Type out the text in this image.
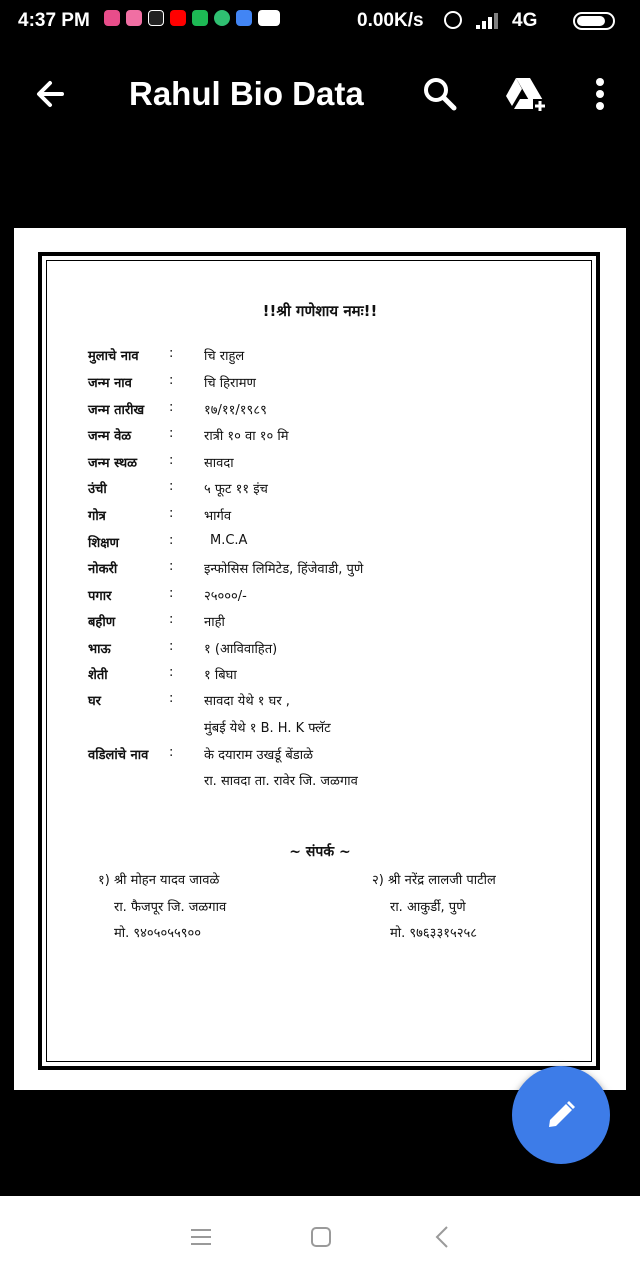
4:37 PM	0.00K/s	4G
Rahul Bio Data
!!श्री गणेशाय नमः!!
मुलाचे नाव : चि राहुल
जन्म नाव	: चि हिरामण
जन्म तारीख : १७/११/१९८९
जन्म वेळ	: रात्री १० वा १० मि
जन्म स्थळ : सावदा
उंची	: ५ फूट ११ इंच
गोत्र	: भार्गव
शिक्षण	:	M.C.A
नोकरी	: इन्फोसिस लिमिटेड, हिंजेवाडी, पुणे
पगार	: २५०००/-
बहीण	: नाही
भाऊ	: १ (आविवाहित)
शेती	: १ बिघा
घर	: सावदा येथे १ घर ,
मुंबई येथे १ B. H. K फ्लॅट
वडिलांचे नाव : के दयाराम उखर्डू बेंडाळे
रा. सावदा ता. रावेर जि. जळगाव
~ संपर्क ~
१) श्री मोहन यादव जावळे
रा. फैजपूर जि. जळगाव
मो. ९४०५०५५९००
२) श्री नरेंद्र लालजी पाटील
रा. आकुर्डी, पुणे
मो. ९७६३३१५२५८
